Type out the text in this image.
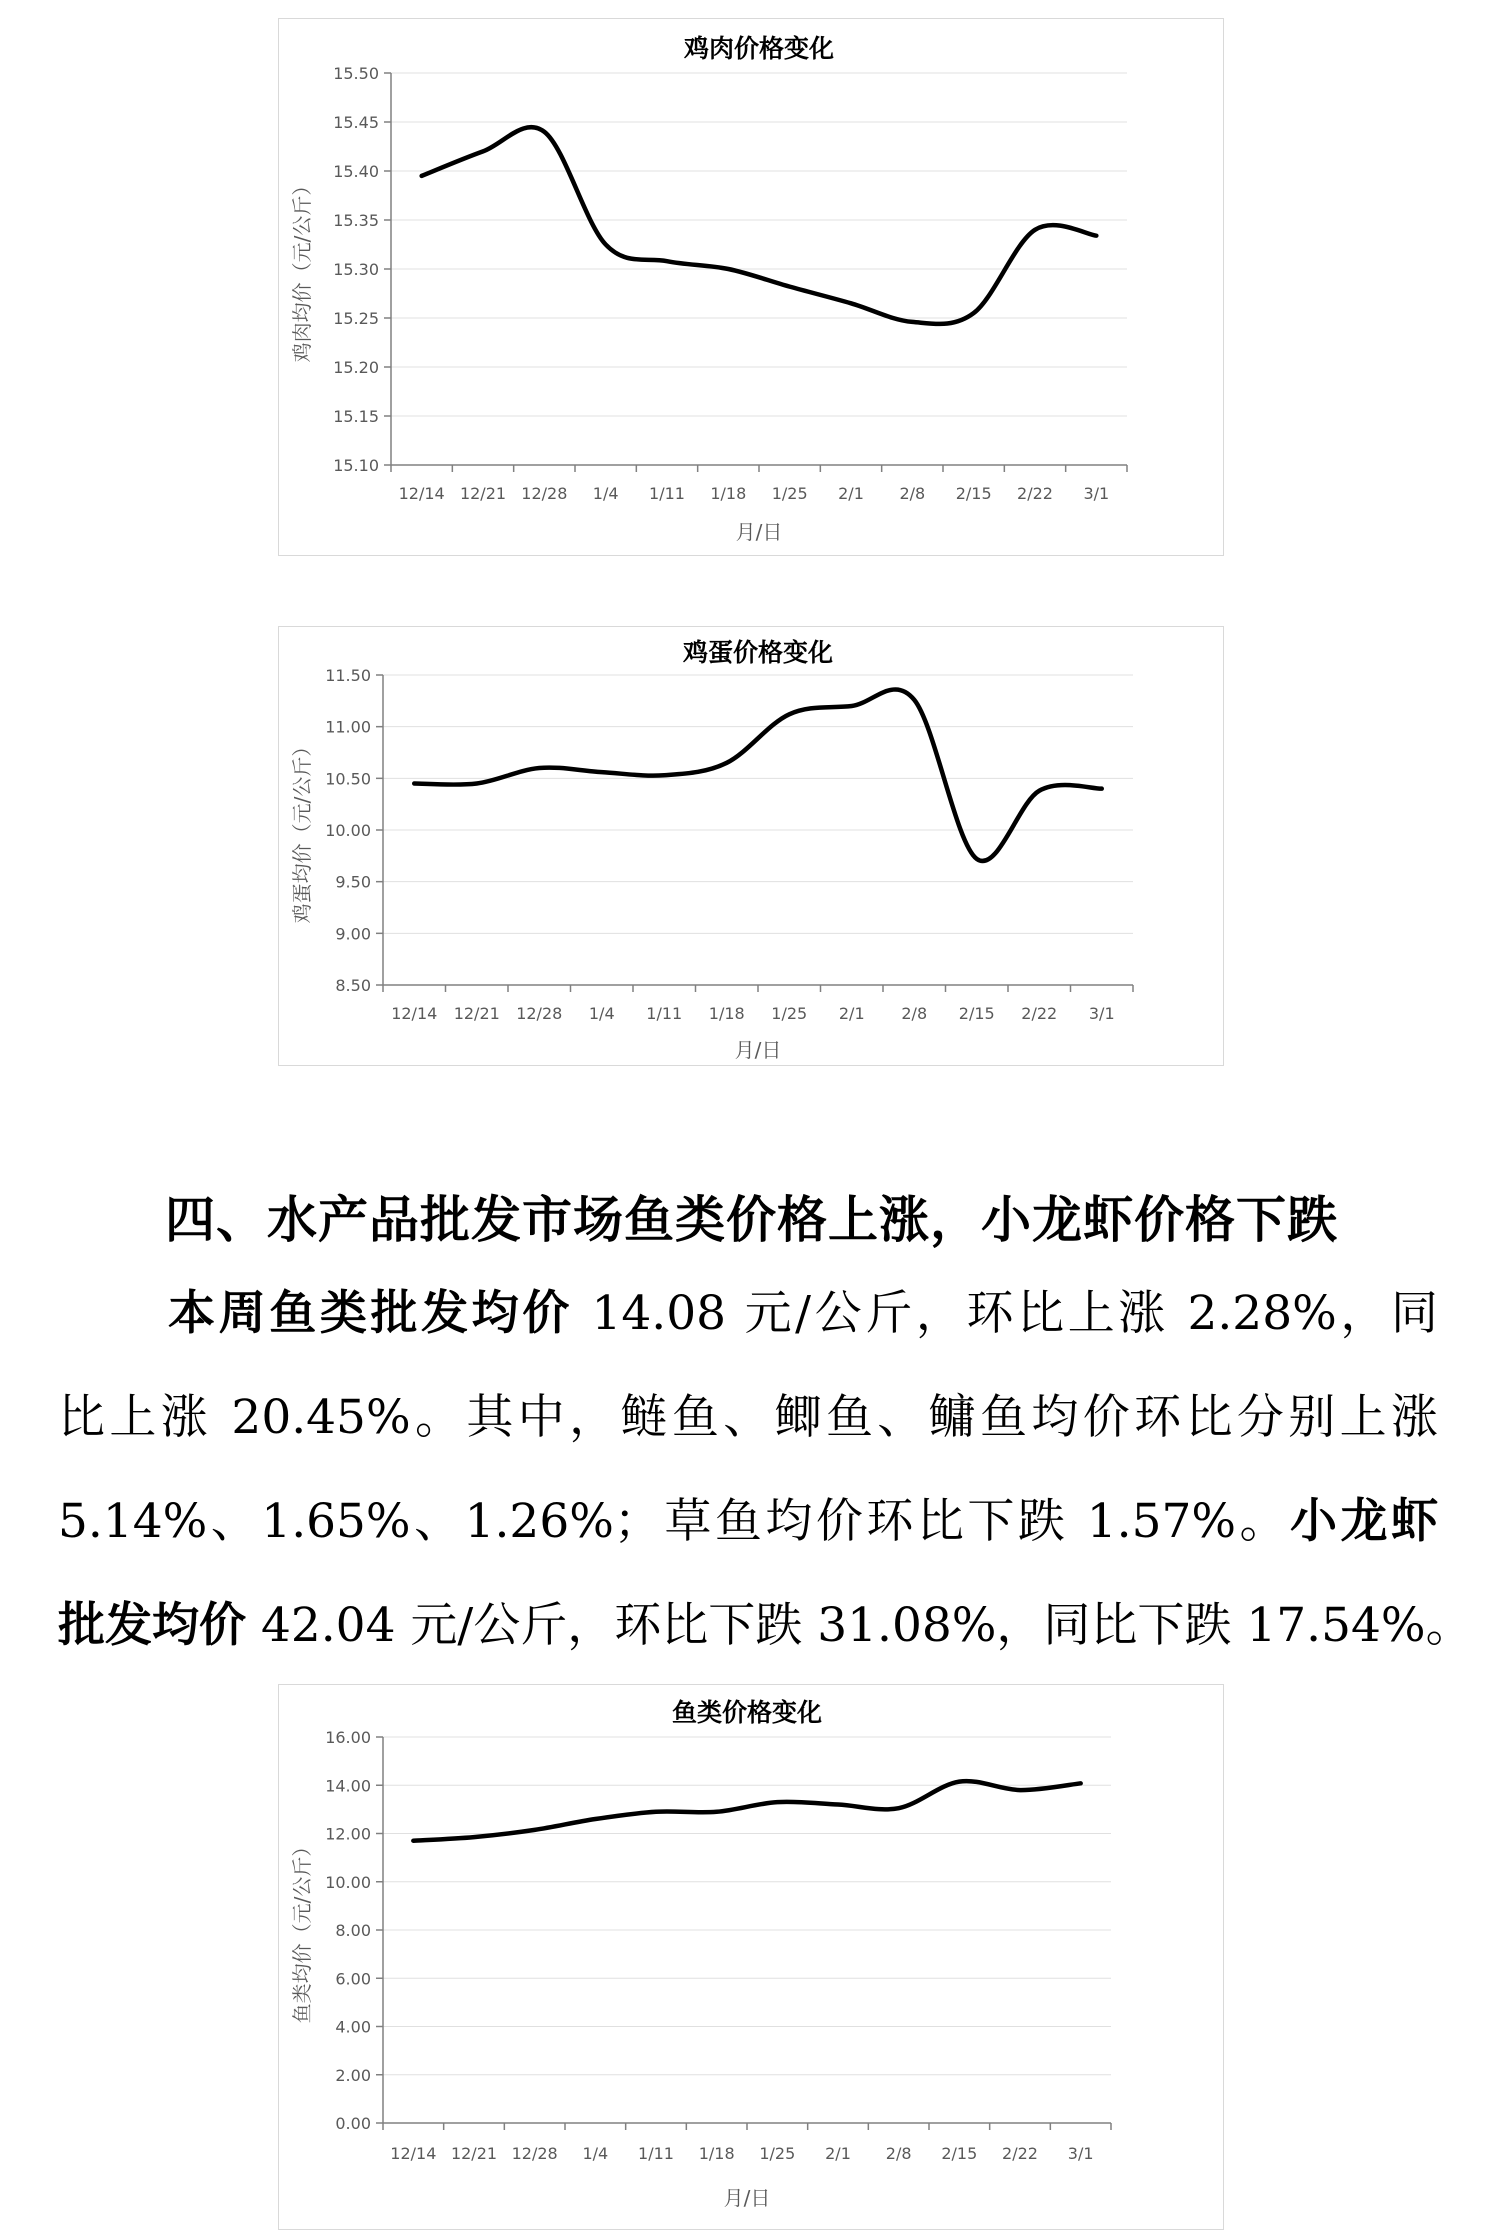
鸡肉价格变化
15.10
15.15
15.20
15.25
15.30
15.35
15.40
15.45
15.50
12/14 12/21 12/28 1/4 1/11 1/18 1/25 2/1 2/8 2/15 2/22 3/1
月/日
鸡肉均价（元/公斤）
鸡蛋价格变化
8.50
9.00
9.50
10.00
10.50
11.00
11.50
12/14 12/21 12/28 1/4 1/11 1/18 1/25 2/1 2/8 2/15 2/22 3/1
月/日
鸡蛋均价（元/公斤）
四、水产品批发市场鱼类价格上涨，小龙虾价格下跌
本周鱼类批发均价 14.08 元/公斤，环比上涨 2.28%，同
比上涨 20.45%。其中，鲢鱼、鲫鱼、鳙鱼均价环比分别上涨
5.14%、1.65%、1.26%；草鱼均价环比下跌 1.57%。小龙虾
批发均价 42.04 元/公斤，环比下跌 31.08%，同比下跌 17.54%。
鱼类价格变化
0.00
2.00
4.00
6.00
8.00
10.00
12.00
14.00
16.00
12/14 12/21 12/28 1/4 1/11 1/18 1/25 2/1 2/8 2/15 2/22 3/1
月/日
鱼类均价（元/公斤）
